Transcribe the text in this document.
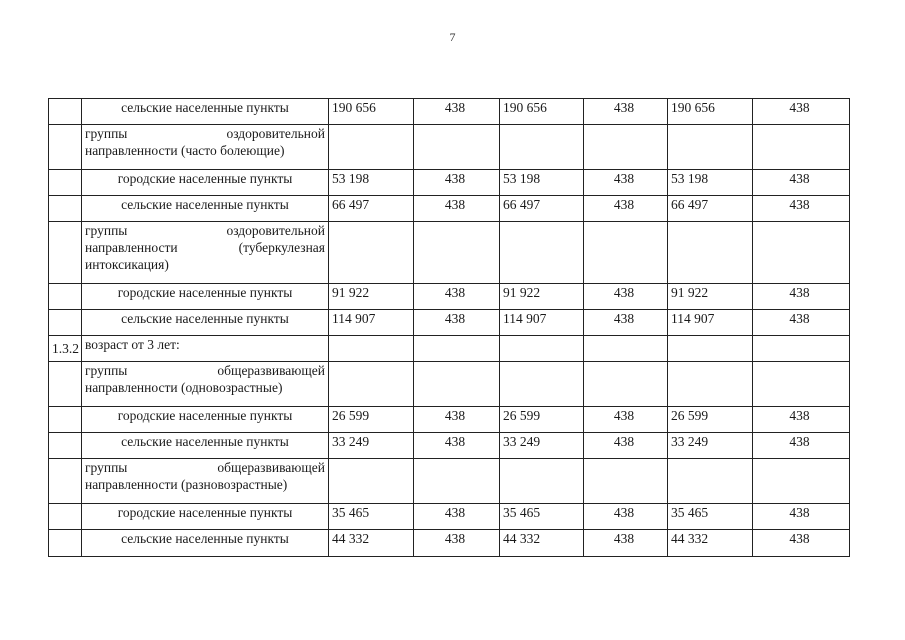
7
	сельские населенные пункты	190 656	438	190 656	438	190 656	438
	группы оздоровительной направленности (часто болеющие)						
	городские населенные пункты	53 198	438	53 198	438	53 198	438
	сельские населенные пункты	66 497	438	66 497	438	66 497	438
	группы оздоровительной направленности (туберкулезная интоксикация)						
	городские населенные пункты	91 922	438	91 922	438	91 922	438
	сельские населенные пункты	114 907	438	114 907	438	114 907	438
1.3.2	возраст от 3 лет:						
	группы общеразвивающей направленности (одновозрастные)						
	городские населенные пункты	26 599	438	26 599	438	26 599	438
	сельские населенные пункты	33 249	438	33 249	438	33 249	438
	группы общеразвивающей направленности (разновозрастные)						
	городские населенные пункты	35 465	438	35 465	438	35 465	438
	сельские населенные пункты	44 332	438	44 332	438	44 332	438
